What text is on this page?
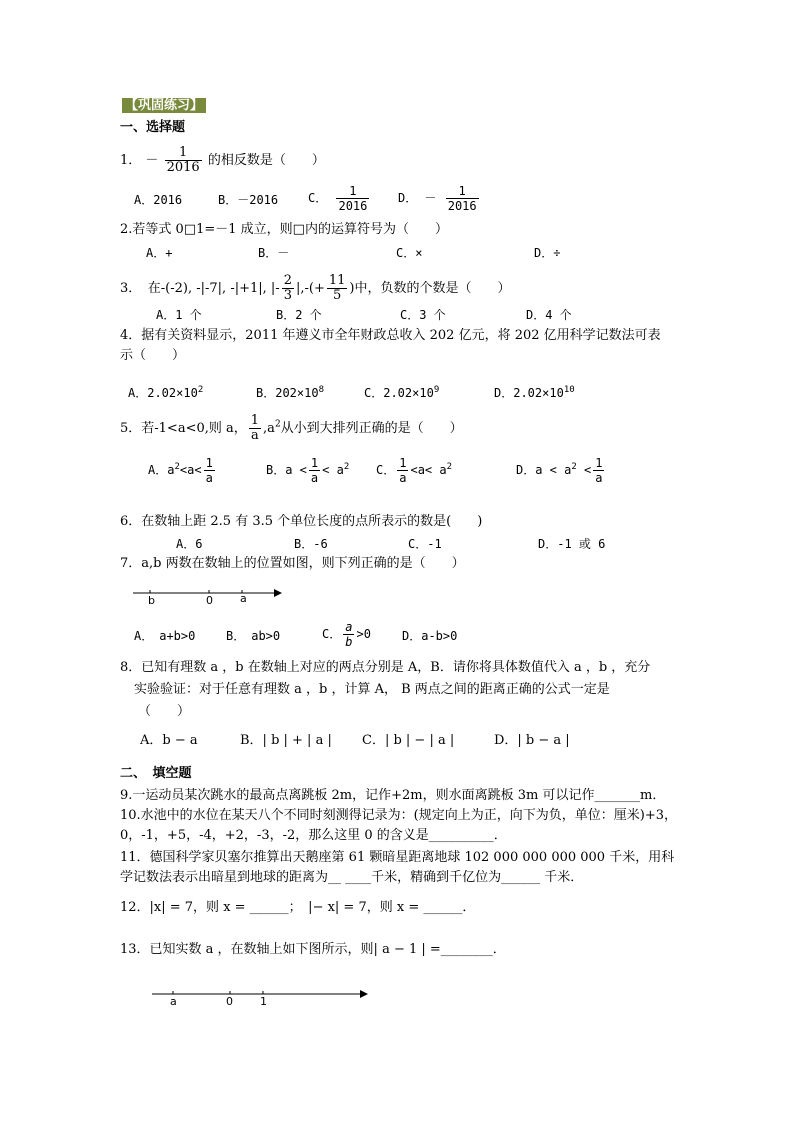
【巩固练习】
一、选择题
1． － $\frac{1}{2016}$ 的相反数是（　　）
A．2016	B．－2016 C． $\frac{1}{2016}$ D． － $\frac{1}{2016}$
2.若等式 0□1=－1 成立，则□内的运算符号为（　　）
A．+	B．－	C．×	D．÷
3．　在-(-2), -|-7|, -|+1|, |- $\frac{2}{3}$ |,-(+ $\frac{11}{5}$ )中，负数的个数是（　　）
A．1 个	B．2 个	C．3 个	D．4 个
4．据有关资料显示，2011 年遵义市全年财政总收入 202 亿元，将 202 亿用科学记数法可表
示（　　）
A．$2.02\times 10^2$	B．$202\times 10^8$	C．$2.02\times 10^9$	D．$2.02\times 10^{10}$
5．若-1<a<0,则 a， $\frac{1}{a} ,a^2$从小到大排列正确的是（　　）
A．$a^2<a< \frac{1}{a}$	B．$a < \frac{1}{a} < a^2$ C． $\frac{1}{a} <a< a^2$	D．$a < a^2 < \frac{1}{a}$
6．在数轴上距 2.5 有 3.5 个单位长度的点所表示的数是(　　)
A．6	B．-6	C．-1	D．-1 或 6
7．a,b 两数在数轴上的位置如图，则下列正确的是（　　）
b	0 a
A．　a+b>0	B．　ab>0	C． $\frac{a}{b} >0$	D．a-b>0
8．已知有理数 a ，b 在数轴上对应的两点分别是 A，B．请你将具体数值代入 a ，b ，充分
实验验证：对于任意有理数 a ，b ，计算 A， B 两点之间的距离正确的公式一定是
（　　）
A．b − a	B．| b | + | a | C．| b | − | a |	D．| b − a |
二、　填空题
9.一运动员某次跳水的最高点离跳板 2m，记作+2m，则水面离跳板 3m 可以记作_______m．
10.水池中的水位在某天八个不同时刻测得记录为：(规定向上为正，向下为负，单位：厘米)+3，
0，-1，+5，-4，+2，-3，-2，那么这里 0 的含义是__________．
11．德国科学家贝塞尔推算出天鹅座第 61 颗暗星距离地球 102 000 000 000 000 千米，用科
学记数法表示出暗星到地球的距离为__ ____千米，精确到千亿位为______ 千米．
12．|x| = 7，则 x = ______；　|− x| = 7，则 x = ______．
13．已知实数 a ，在数轴上如下图所示，则| a − 1 | =________．
a	0 1
